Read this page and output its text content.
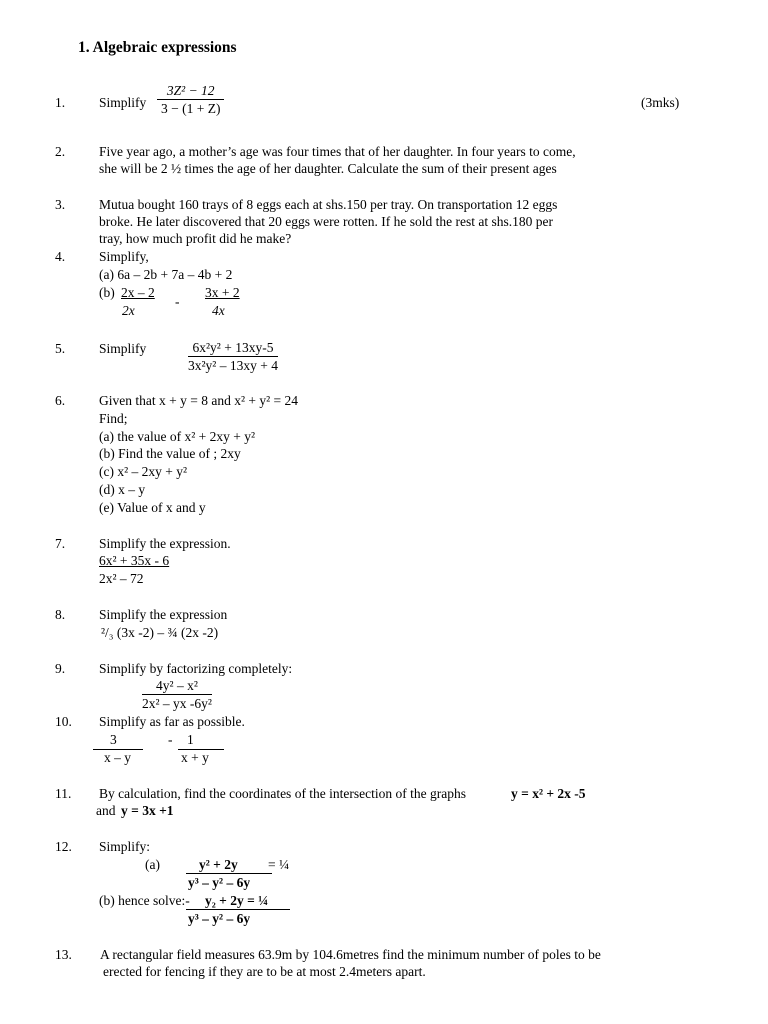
1. Algebraic expressions
1.	Simplify $\frac{\text{3Z² − 12}}{3 - (1 + Z)}$	(3mks)
2.	Five year ago, a mother’s age was four times that of her daughter. In four years to come,
she will be 2 ½ times the age of her daughter. Calculate the sum of their present ages
3.	Mutua bought 160 trays of 8 eggs each at shs.150 per tray. On transportation 12 eggs
broke. He later discovered that 20 eggs were rotten. If he sold the rest at shs.180 per
tray, how much profit did he make?
4.	Simplify,
(a) 6a – 2b + 7a – 4b + 2
(b) 2x – 2
2x
-
3x + 2
4x
5.	Simplify	$\frac{\text{6x²y² + 13xy-5}}{\text{3x²y² – 13xy + 4}}$
6.	Given that x + y = 8 and x² + y² = 24
Find;
(a) the value of x² + 2xy + y²
(b) Find the value of ; 2xy
(c) x² – 2xy + y²
(d) x – y
(e) Value of x and y
7.	Simplify the expression.
6x² + 35x - 6
2x² – 72
8.	Simplify the expression
²/₃ (3x -2) – ¾ (2x -2)
9.	Simplify by factorizing completely:
$\frac{\text{4y² – x²}}{\text{2x² – yx -6y²}}$
10. Simplify as far as possible.
3
x – y
- 1
x + y
11. By calculation, find the coordinates of the intersection of the graphs	y = x² + 2x -5
and y = 3x +1
12. Simplify:
(a)	y² + 2y = ¼
y³ – y² – 6y
(b) hence solve:- y₂ + 2y = ¼
y³ – y² – 6y
13. A rectangular field measures 63.9m by 104.6metres find the minimum number of poles to be
erected for fencing if they are to be at most 2.4meters apart.
